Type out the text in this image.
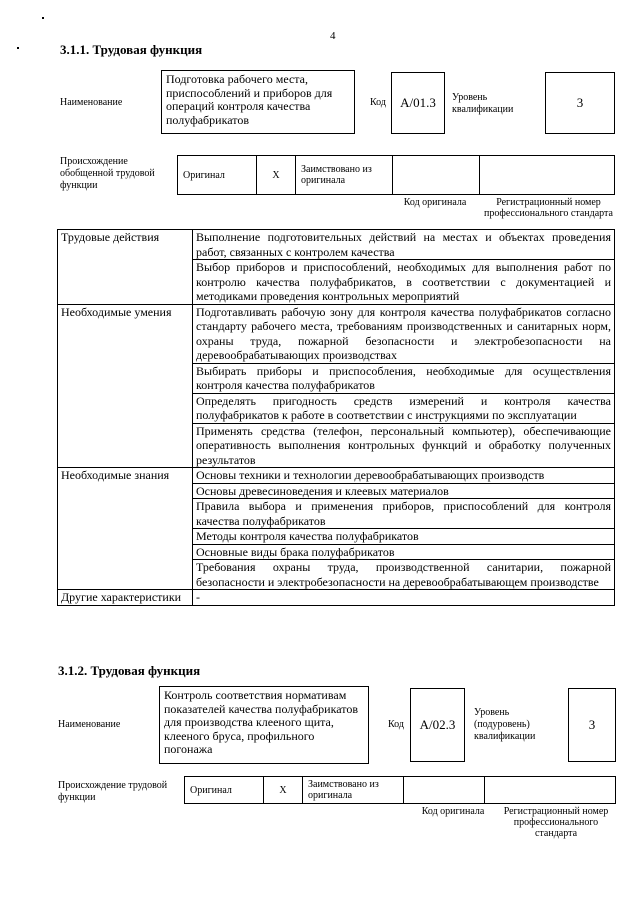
4
3.1.1. Трудовая функция
Наименование
Подготовка рабочего места, приспособлений и приборов для операций контроля качества полуфабрикатов
Код	А/01.3	Уровень квалификации	3
Происхождение обобщенной трудовой функции
Оригинал	X	Заимствовано из оригинала		
Код оригинала	Регистрационный номер профессионального стандарта
Трудовые действия	Выполнение подготовительных действий на местах и объектах проведения работ, связанных с контролем качества
	Выбор приборов и приспособлений, необходимых для выполнения работ по контролю качества полуфабрикатов, в соответствии с документацией и методиками проведения контрольных мероприятий
Необходимые умения	Подготавливать рабочую зону для контроля качества полуфабрикатов согласно стандарту рабочего места, требованиям производственных и санитарных норм, охраны труда, пожарной безопасности и электробезопасности на деревообрабатывающих производствах
	Выбирать приборы и приспособления, необходимые для осуществления контроля качества полуфабрикатов
	Определять пригодность средств измерений и контроля качества полуфабрикатов к работе в соответствии с инструкциями по эксплуатации
	Применять средства (телефон, персональный компьютер), обеспечивающие оперативность выполнения контрольных функций и обработку полученных результатов
Необходимые знания	Основы техники и технологии деревообрабатывающих производств
	Основы древесиноведения и клеевых материалов
	Правила выбора и применения приборов, приспособлений для контроля качества полуфабрикатов
	Методы контроля качества полуфабрикатов
	Основные виды брака полуфабрикатов
	Требования охраны труда, производственной санитарии, пожарной безопасности и электробезопасности на деревообрабатывающем производстве
Другие характеристики	-
3.1.2. Трудовая функция
Наименование
Контроль соответствия нормативам показателей качества полуфабрикатов для производства клееного щита, клееного бруса, профильного погонажа
Код	А/02.3
Уровень (подуровень) квалификации
3
Происхождение трудовой функции
Оригинал	X	Заимствовано из оригинала		
Код оригинала	Регистрационный номер профессионального стандарта
